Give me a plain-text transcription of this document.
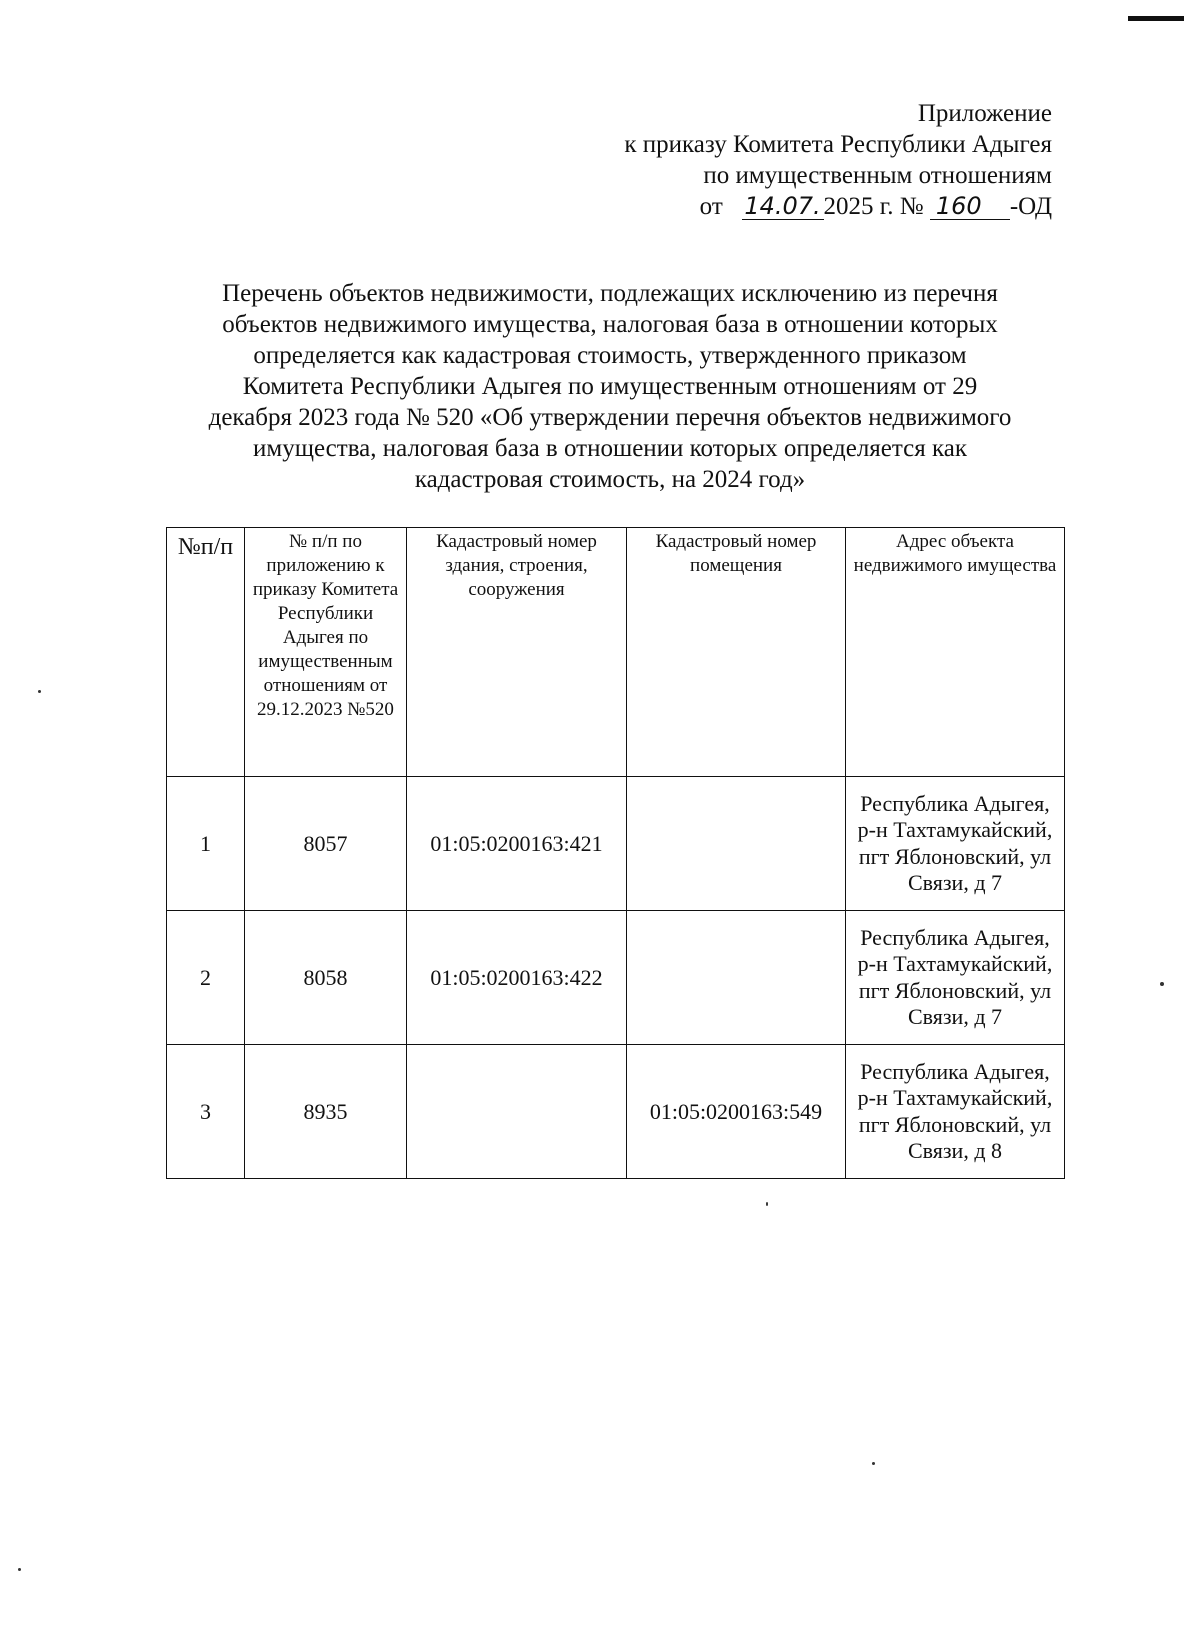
Приложение
к приказу Комитета Республики Адыгея
по имущественным отношениям
от 14.07. 2025 г. № 160 -ОД
Перечень объектов недвижимости, подлежащих исключению из перечня
объектов недвижимого имущества, налоговая база в отношении которых
определяется как кадастровая стоимость, утвержденного приказом
Комитета Республики Адыгея по имущественным отношениям от 29
декабря 2023 года № 520 «Об утверждении перечня объектов недвижимого
имущества, налоговая база в отношении которых определяется как
кадастровая стоимость, на 2024 год»
№п/п	№ п/п по приложению к приказу Комитета Республики Адыгея по имущественным отношениям от 29.12.2023 №520	Кадастровый номер здания, строения, сооружения	Кадастровый номер помещения	Адрес объекта недвижимого имущества
1	8057	01:05:0200163:421		Республика Адыгея, р-н Тахтамукайский, пгт Яблоновский, ул Связи, д 7
2	8058	01:05:0200163:422		Республика Адыгея, р-н Тахтамукайский, пгт Яблоновский, ул Связи, д 7
3	8935		01:05:0200163:549	Республика Адыгея, р-н Тахтамукайский, пгт Яблоновский, ул Связи, д 8
